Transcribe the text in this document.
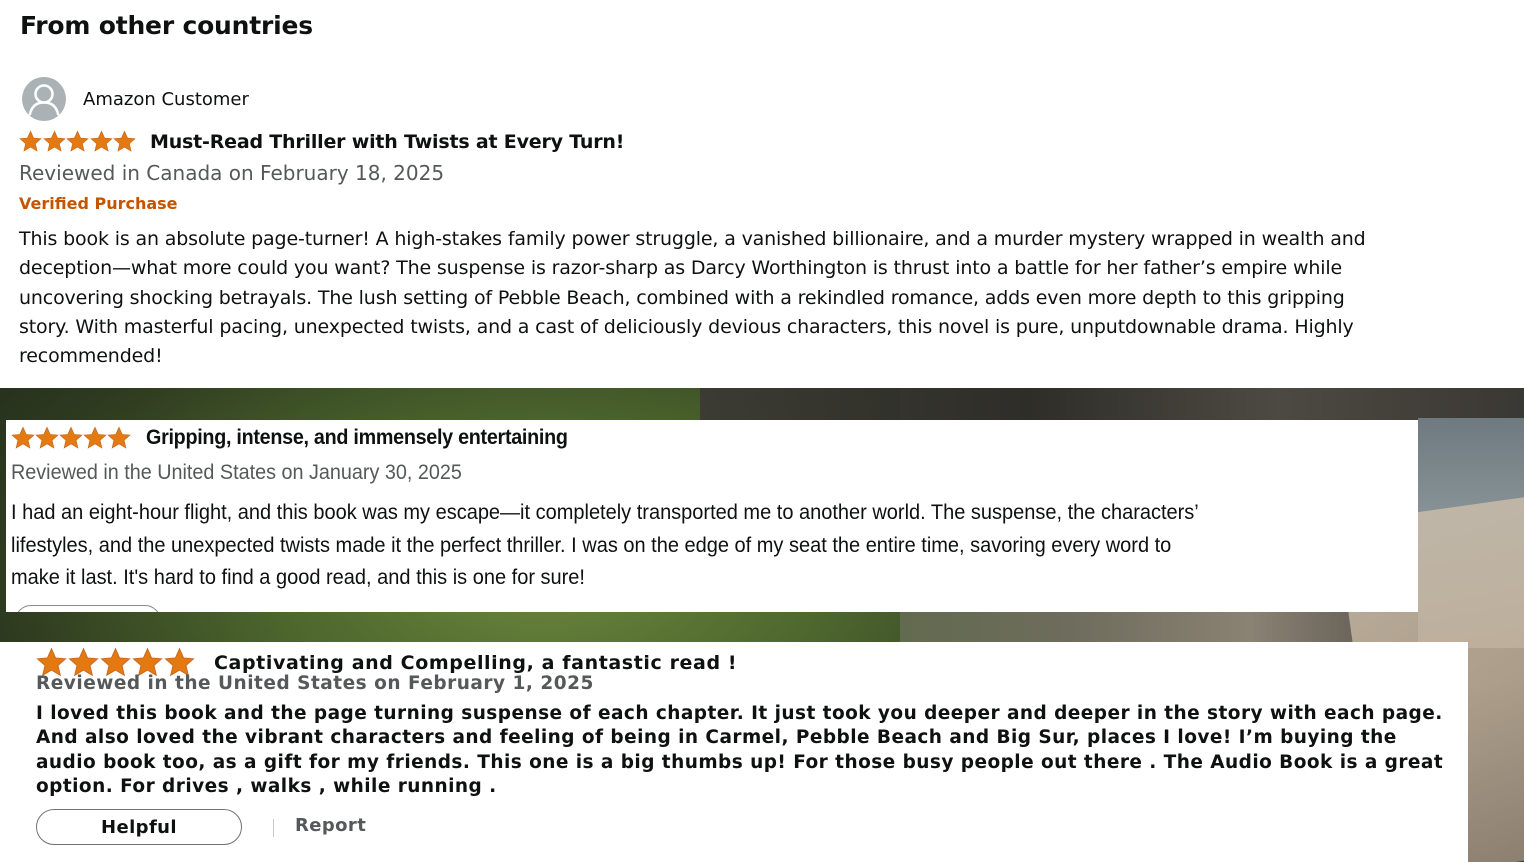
From other countries
Amazon Customer
Must-Read Thriller with Twists at Every Turn!
Reviewed in Canada on February 18, 2025
Verified Purchase
This book is an absolute page-turner! A high-stakes family power struggle, a vanished billionaire, and a murder mystery wrapped in wealth and deception—what more could you want? The suspense is razor-sharp as Darcy Worthington is thrust into a battle for her father’s empire while uncovering shocking betrayals. The lush setting of Pebble Beach, combined with a rekindled romance, adds even more depth to this gripping story. With masterful pacing, unexpected twists, and a cast of deliciously devious characters, this novel is pure, unputdownable drama. Highly recommended!
Gripping, intense, and immensely entertaining
Reviewed in the United States on January 30, 2025
I had an eight-hour flight, and this book was my escape—it completely transported me to another world. The suspense, the characters’ lifestyles, and the unexpected twists made it the perfect thriller. I was on the edge of my seat the entire time, savoring every word to make it last. It's hard to find a good read, and this is one for sure!
Captivating and Compelling, a fantastic read !
Reviewed in the United States on February 1, 2025
I loved this book and the page turning suspense of each chapter. It just took you deeper and deeper in the story with each page. And also loved the vibrant characters and feeling of being in Carmel, Pebble Beach and Big Sur, places I love! I’m buying the audio book too, as a gift for my friends. This one is a big thumbs up! For those busy people out there . The Audio Book is a great option. For drives , walks , while running .
Helpful	Report
